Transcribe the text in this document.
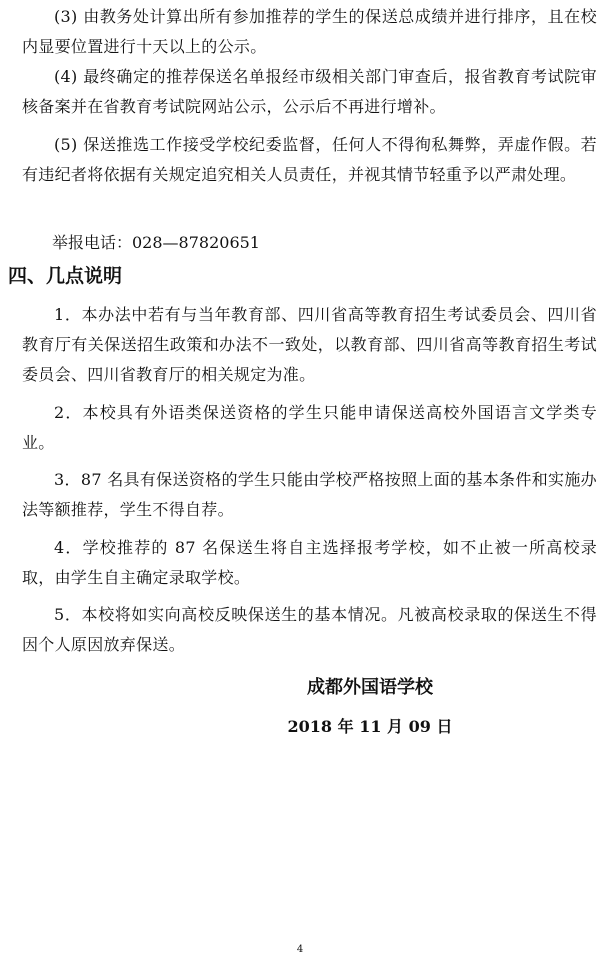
(3) 由教务处计算出所有参加推荐的学生的保送总成绩并进行排序，且在校内显要位置进行十天以上的公示。

(4) 最终确定的推荐保送名单报经市级相关部门审查后，报省教育考试院审核备案并在省教育考试院网站公示，公示后不再进行增补。

(5) 保送推选工作接受学校纪委监督，任何人不得徇私舞弊，弄虚作假。若有违纪者将依据有关规定追究相关人员责任，并视其情节轻重予以严肃处理。

举报电话：028—87820651

四、几点说明

1．本办法中若有与当年教育部、四川省高等教育招生考试委员会、四川省教育厅有关保送招生政策和办法不一致处，以教育部、四川省高等教育招生考试委员会、四川省教育厅的相关规定为准。

2．本校具有外语类保送资格的学生只能申请保送高校外国语言文学类专业。

3．87 名具有保送资格的学生只能由学校严格按照上面的基本条件和实施办法等额推荐，学生不得自荐。

4．学校推荐的 87 名保送生将自主选择报考学校，如不止被一所高校录取，由学生自主确定录取学校。

5．本校将如实向高校反映保送生的基本情况。凡被高校录取的保送生不得因个人原因放弃保送。

成都外国语学校

2018 年 11 月 09 日

4
